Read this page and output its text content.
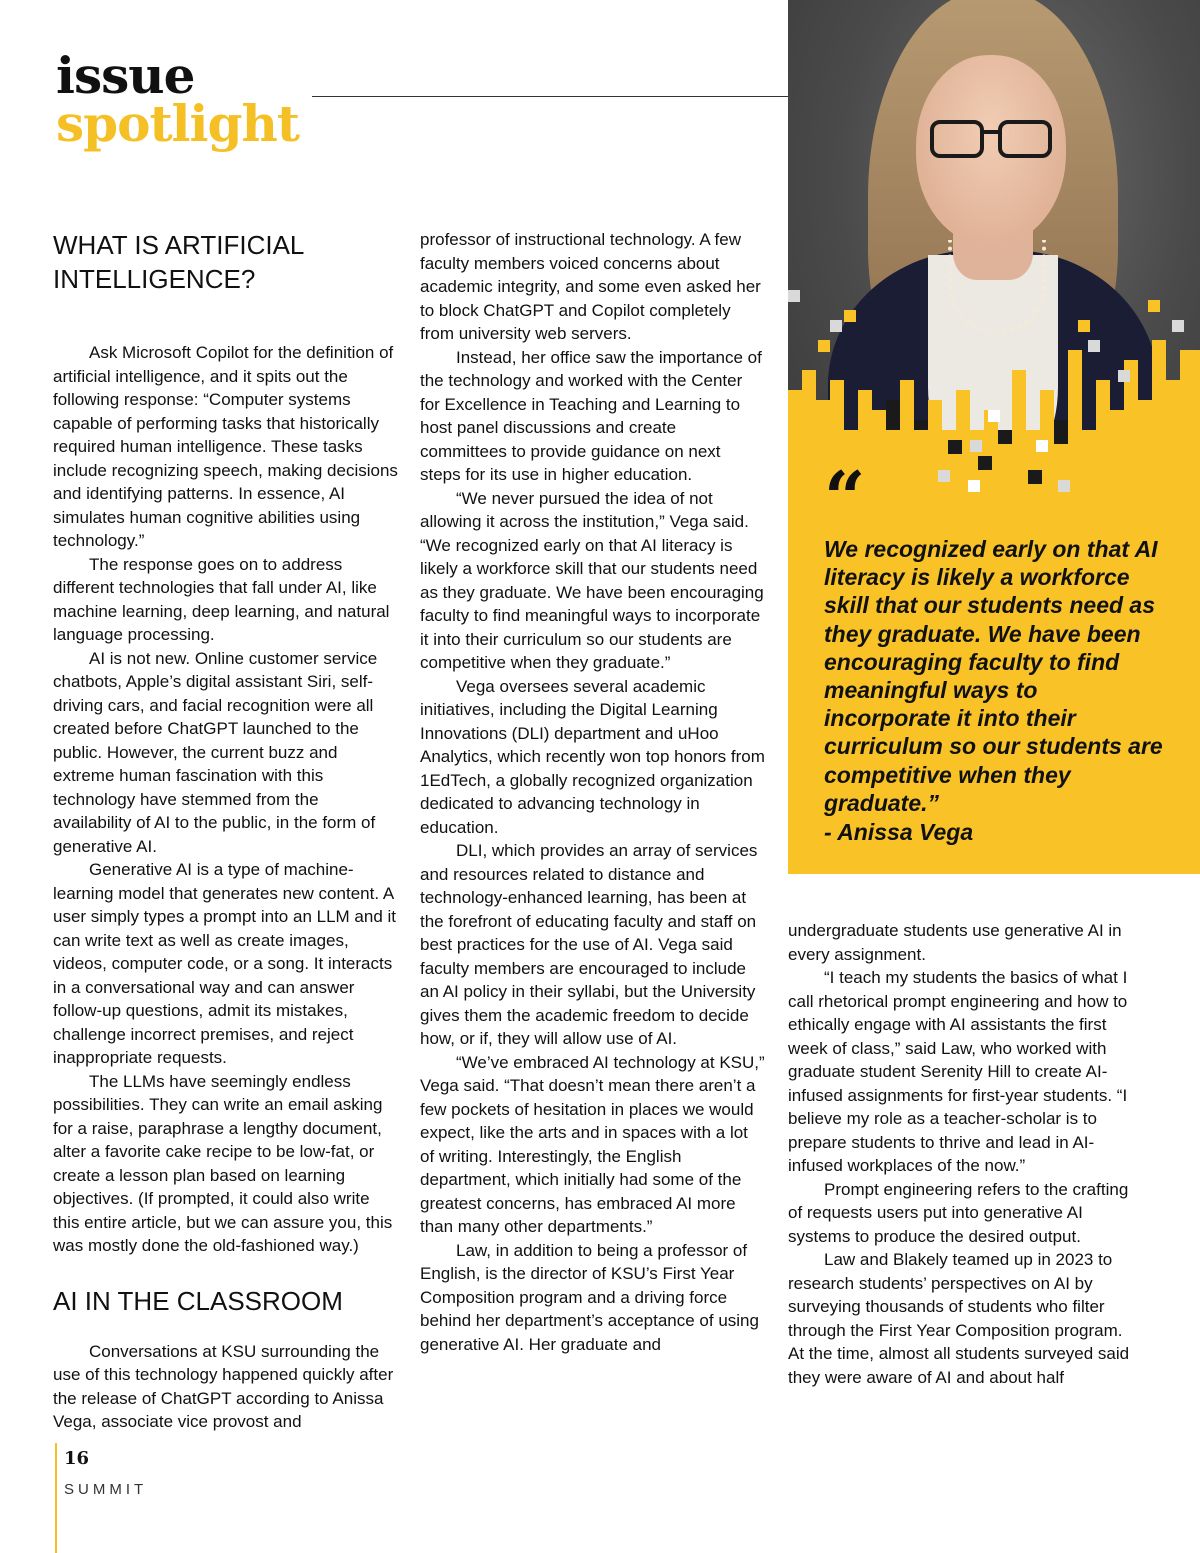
issue
spotlight

“

We recognized early on that AI literacy is likely a workforce skill that our students need as they graduate. We have been encouraging faculty to find meaningful ways to incorporate it into their curriculum so our students are competitive when they graduate.”

- Anissa Vega

WHAT IS ARTIFICIAL INTELLIGENCE?

Ask Microsoft Copilot for the definition of artificial intelligence, and it spits out the following response: “Computer systems capable of performing tasks that historically required human intelligence. These tasks include recognizing speech, making decisions and identifying patterns. In essence, AI simulates human cognitive abilities using technology.”

The response goes on to address different technologies that fall under AI, like machine learning, deep learning, and natural language processing.

AI is not new. Online customer service chatbots, Apple’s digital assistant Siri, self-driving cars, and facial recognition were all created before ChatGPT launched to the public. However, the current buzz and extreme human fascination with this technology have stemmed from the availability of AI to the public, in the form of generative AI.

Generative AI is a type of machine-learning model that generates new content. A user simply types a prompt into an LLM and it can write text as well as create images, videos, computer code, or a song. It interacts in a conversational way and can answer follow-up questions, admit its mistakes, challenge incorrect premises, and reject inappropriate requests.

The LLMs have seemingly endless possibilities. They can write an email asking for a raise, paraphrase a lengthy document, alter a favorite cake recipe to be low-fat, or create a lesson plan based on learning objectives. (If prompted, it could also write this entire article, but we can assure you, this was mostly done the old-fashioned way.)

AI IN THE CLASSROOM

Conversations at KSU surrounding the use of this technology happened quickly after the release of ChatGPT according to Anissa Vega, associate vice provost and

professor of instructional technology. A few faculty members voiced concerns about academic integrity, and some even asked her to block ChatGPT and Copilot completely from university web servers.

Instead, her office saw the importance of the technology and worked with the Center for Excellence in Teaching and Learning to host panel discussions and create committees to provide guidance on next steps for its use in higher education.

“We never pursued the idea of not allowing it across the institution,” Vega said. “We recognized early on that AI literacy is likely a workforce skill that our students need as they graduate. We have been encouraging faculty to find meaningful ways to incorporate it into their curriculum so our students are competitive when they graduate.”

Vega oversees several academic initiatives, including the Digital Learning Innovations (DLI) department and uHoo Analytics, which recently won top honors from 1EdTech, a globally recognized organization dedicated to advancing technology in education.

DLI, which provides an array of services and resources related to distance and technology-enhanced learning, has been at the forefront of educating faculty and staff on best practices for the use of AI. Vega said faculty members are encouraged to include an AI policy in their syllabi, but the University gives them the academic freedom to decide how, or if, they will allow use of AI.

“We’ve embraced AI technology at KSU,” Vega said. “That doesn’t mean there aren’t a few pockets of hesitation in places we would expect, like the arts and in spaces with a lot of writing. Interestingly, the English department, which initially had some of the greatest concerns, has embraced AI more than many other departments.”

Law, in addition to being a professor of English, is the director of KSU’s First Year Composition program and a driving force behind her department’s acceptance of using generative AI. Her graduate and

undergraduate students use generative AI in every assignment.

“I teach my students the basics of what I call rhetorical prompt engineering and how to ethically engage with AI assistants the first week of class,” said Law, who worked with graduate student Serenity Hill to create AI-infused assignments for first-year students. “I believe my role as a teacher-scholar is to prepare students to thrive and lead in AI-infused workplaces of the now.”

Prompt engineering refers to the crafting of requests users put into generative AI systems to produce the desired output.

Law and Blakely teamed up in 2023 to research students’ perspectives on AI by surveying thousands of students who filter through the First Year Composition program. At the time, almost all students surveyed said they were aware of AI and about half

16

SUMMIT
